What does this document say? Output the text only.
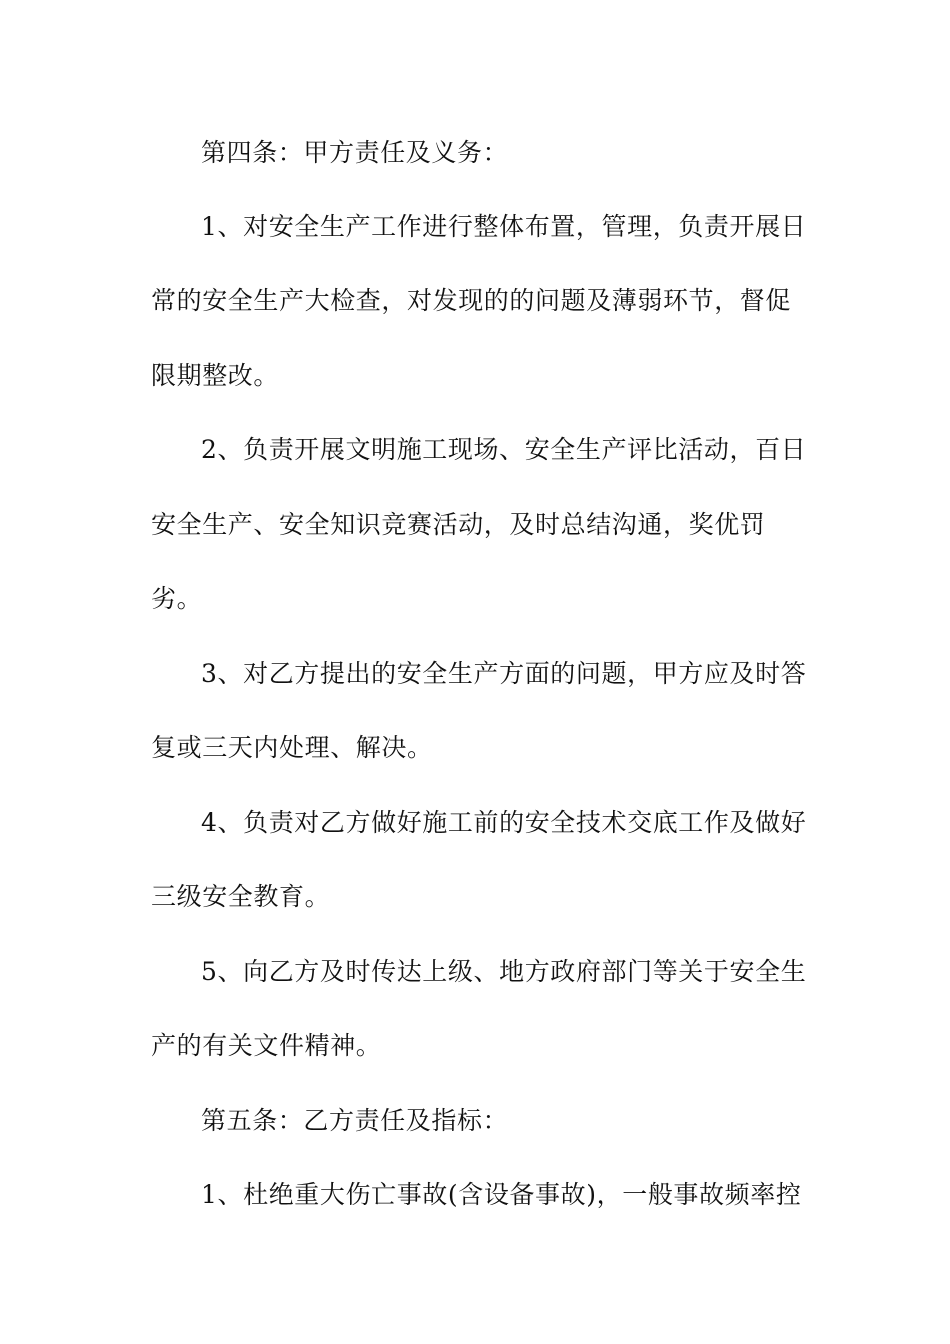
第四条：甲方责任及义务：
1、对安全生产工作进行整体布置，管理，负责开展日
常的安全生产大检查，对发现的的问题及薄弱环节，督促
限期整改。
2、负责开展文明施工现场、安全生产评比活动，百日
安全生产、安全知识竞赛活动，及时总结沟通，奖优罚
劣。
3、对乙方提出的安全生产方面的问题，甲方应及时答
复或三天内处理、解决。
4、负责对乙方做好施工前的安全技术交底工作及做好
三级安全教育。
5、向乙方及时传达上级、地方政府部门等关于安全生
产的有关文件精神。
第五条：乙方责任及指标：
1、杜绝重大伤亡事故(含设备事故)，一般事故频率控
